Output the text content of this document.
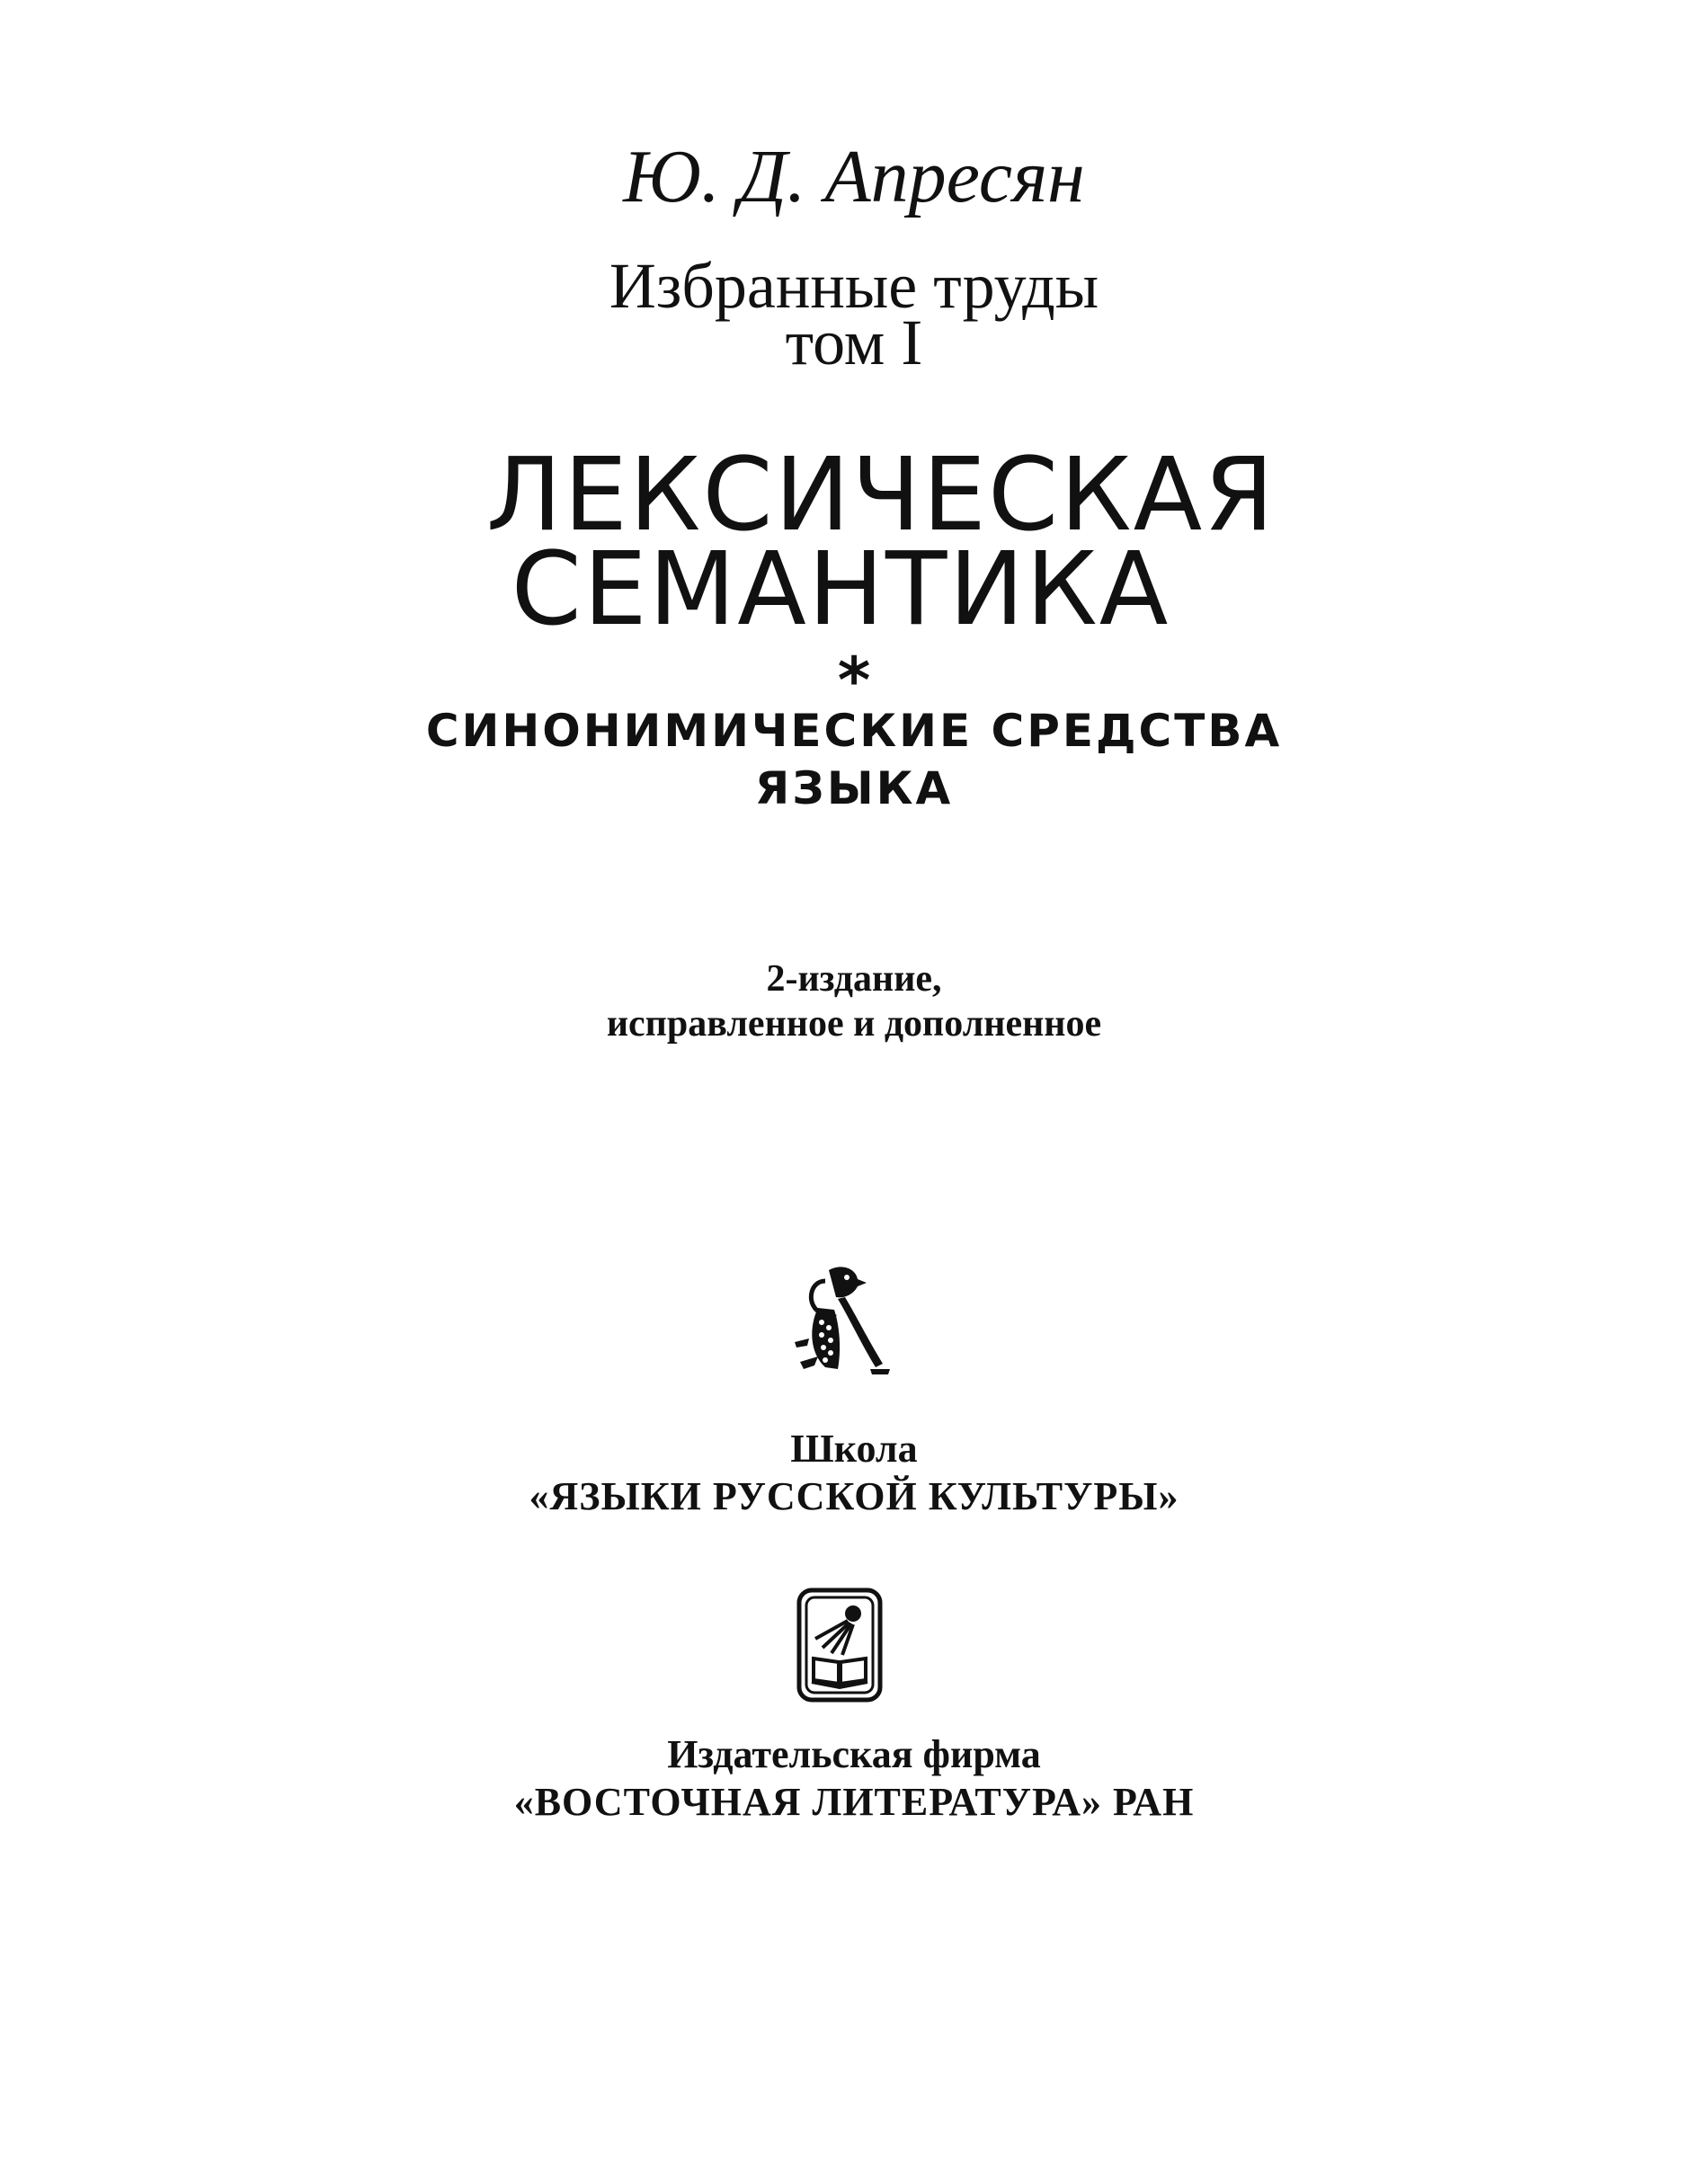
Ю. Д. Апресян
Избранные труды
том I
ЛЕКСИЧЕСКАЯ
СЕМАНТИКА
*
СИНОНИМИЧЕСКИЕ СРЕДСТВА
ЯЗЫКА
2-издание,
исправленное и дополненное
Школа
«ЯЗЫКИ РУССКОЙ КУЛЬТУРЫ»
Издательская фирма
«ВОСТОЧНАЯ ЛИТЕРАТУРА» РАН
